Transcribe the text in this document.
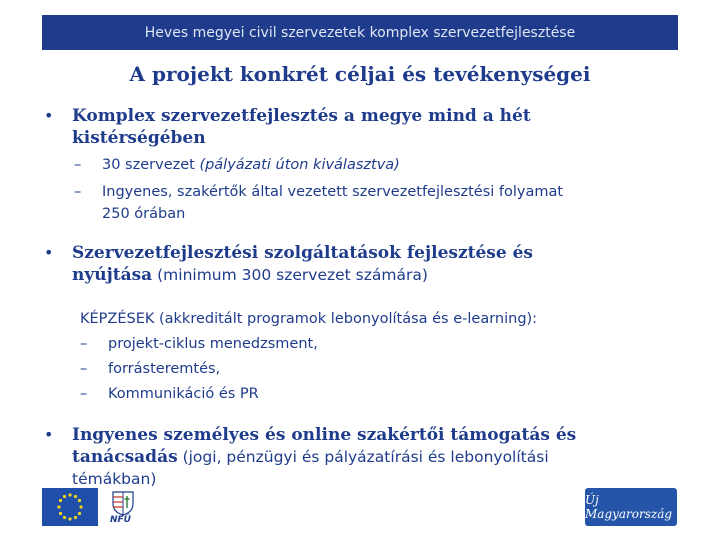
Heves megyei civil szervezetek komplex szervezetfejlesztése
A projekt konkrét céljai és tevékenységei
• Komplex szervezetfejlesztés a megye mind a hét
kistérségében
– 30 szervezet (pályázati úton kiválasztva)
– Ingyenes, szakértők által vezetett szervezetfejlesztési folyamat
250 órában
• Szervezetfejlesztési szolgáltatások fejlesztése és
nyújtása (minimum 300 szervezet számára)
KÉPZÉSEK (akkreditált programok lebonyolítása és e-learning):
– projekt-ciklus menedzsment,
– forrásteremtés,
– Kommunikáció és PR
• Ingyenes személyes és online szakértői támogatás és
tanácsadás (jogi, pénzügyi és pályázatírási és lebonyolítási
témákban)
NFÜ
Új Magyarország
